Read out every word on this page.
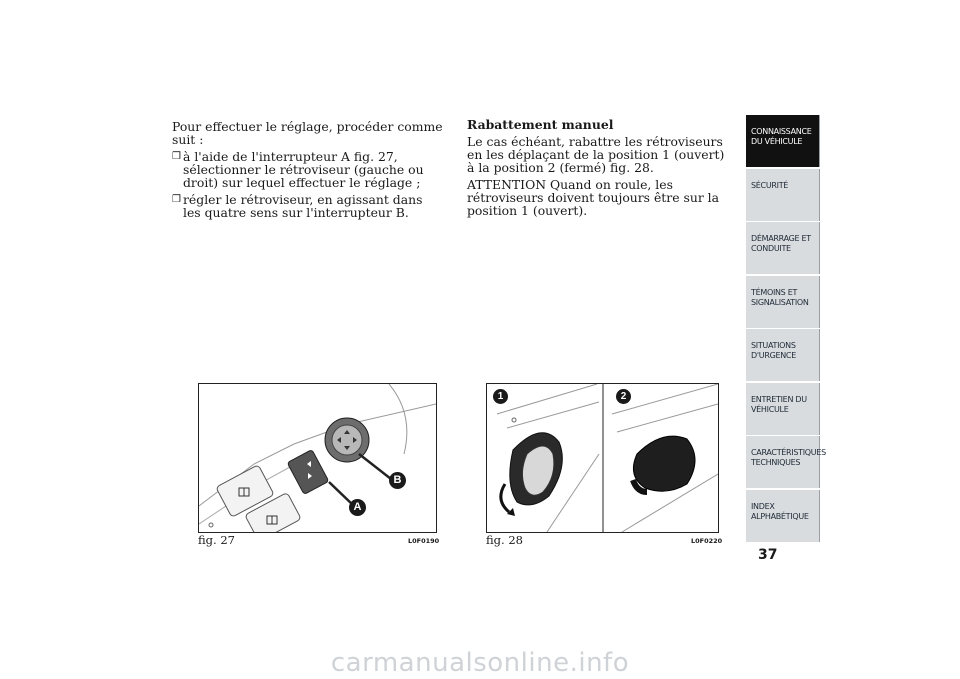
Pour effectuer le réglage, procéder comme suit :

❒ à l'aide de l'interrupteur A fig. 27, sélectionner le rétroviseur (gauche ou droit) sur lequel effectuer le réglage ;
❒ régler le rétroviseur, en agissant dans les quatre sens sur l'interrupteur B.

Rabattement manuel

Le cas échéant, rabattre les rétroviseurs en les déplaçant de la position 1 (ouvert) à la position 2 (fermé) fig. 28.

ATTENTION Quand on roule, les rétroviseurs doivent toujours être sur la position 1 (ouvert).

A
B
fig. 27	L0F0190
1	2
fig. 28	L0F0220
CONNAISSANCE DU VÉHICULE
SÉCURITÉ
DÉMARRAGE ET CONDUITE
TÉMOINS ET SIGNALISATION
SITUATIONS D'URGENCE
ENTRETIEN DU VÉHICULE
CARACTÉRISTIQUES TECHNIQUES
INDEX ALPHABÉTIQUE
37
carmanualsonline.info
